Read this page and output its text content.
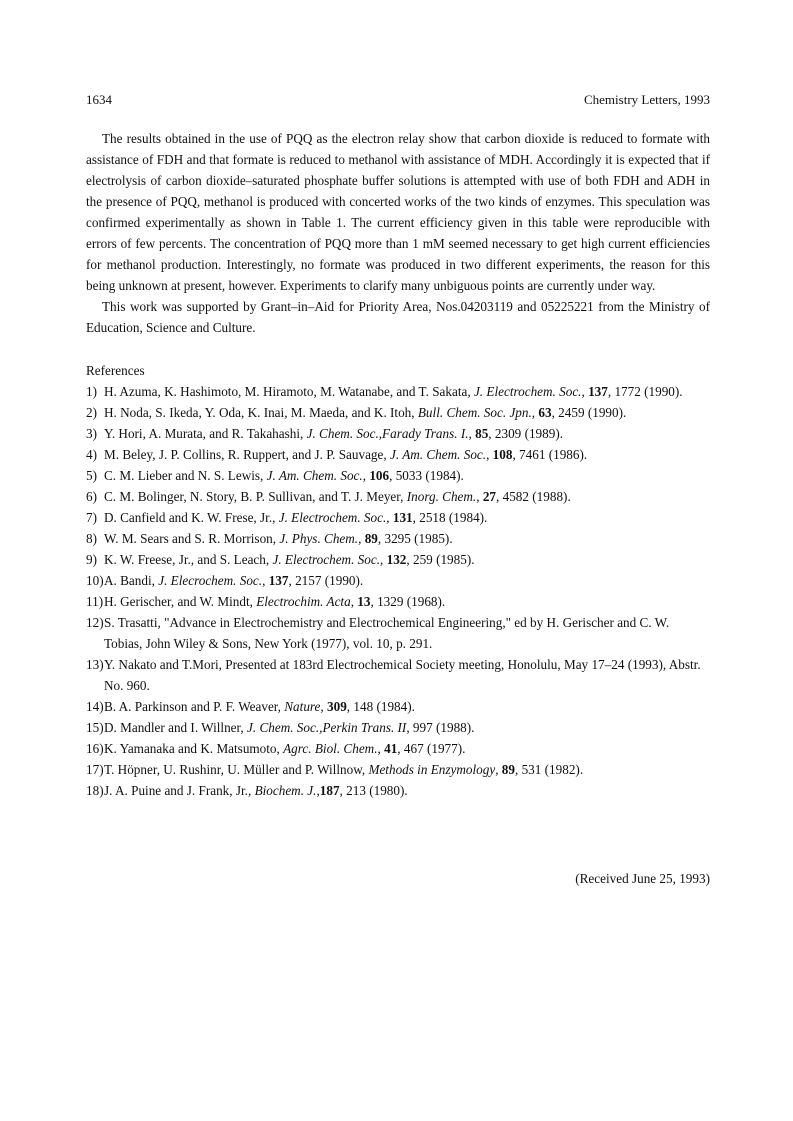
1634	Chemistry Letters, 1993

The results obtained in the use of PQQ as the electron relay show that carbon dioxide is reduced to formate with assistance of FDH and that formate is reduced to methanol with assistance of MDH. Accordingly it is expected that if electrolysis of carbon dioxide–saturated phosphate buffer solutions is attempted with use of both FDH and ADH in the presence of PQQ, methanol is produced with concerted works of the two kinds of enzymes. This speculation was confirmed experimentally as shown in Table 1. The current efficiency given in this table were reproducible with errors of few percents. The concentration of PQQ more than 1 mM seemed necessary to get high current efficiencies for methanol production. Interestingly, no formate was produced in two different experiments, the reason for this being unknown at present, however. Experiments to clarify many unbiguous points are currently under way.

This work was supported by Grant–in–Aid for Priority Area, Nos.04203119 and 05225221 from the Ministry of Education, Science and Culture.

References

1) H. Azuma, K. Hashimoto, M. Hiramoto, M. Watanabe, and T. Sakata, J. Electrochem. Soc., 137, 1772 (1990).
2) H. Noda, S. Ikeda, Y. Oda, K. Inai, M. Maeda, and K. Itoh, Bull. Chem. Soc. Jpn., 63, 2459 (1990).
3) Y. Hori, A. Murata, and R. Takahashi, J. Chem. Soc.,Farady Trans. I., 85, 2309 (1989).
4) M. Beley, J. P. Collins, R. Ruppert, and J. P. Sauvage, J. Am. Chem. Soc., 108, 7461 (1986).
5) C. M. Lieber and N. S. Lewis, J. Am. Chem. Soc., 106, 5033 (1984).
6) C. M. Bolinger, N. Story, B. P. Sullivan, and T. J. Meyer, Inorg. Chem., 27, 4582 (1988).
7) D. Canfield and K. W. Frese, Jr., J. Electrochem. Soc., 131, 2518 (1984).
8) W. M. Sears and S. R. Morrison, J. Phys. Chem., 89, 3295 (1985).
9) K. W. Freese, Jr., and S. Leach, J. Electrochem. Soc., 132, 259 (1985).
10)A. Bandi, J. Elecrochem. Soc., 137, 2157 (1990).
11)H. Gerischer, and W. Mindt, Electrochim. Acta, 13, 1329 (1968).
12)S. Trasatti, "Advance in Electrochemistry and Electrochemical Engineering," ed by H. Gerischer and C. W. Tobias, John Wiley & Sons, New York (1977), vol. 10, p. 291.
13)Y. Nakato and T.Mori, Presented at 183rd Electrochemical Society meeting, Honolulu, May 17–24 (1993), Abstr. No. 960.
14)B. A. Parkinson and P. F. Weaver, Nature, 309, 148 (1984).
15)D. Mandler and I. Willner, J. Chem. Soc.,Perkin Trans. II, 997 (1988).
16)K. Yamanaka and K. Matsumoto, Agrc. Biol. Chem., 41, 467 (1977).
17)T. Höpner, U. Rushinr, U. Müller and P. Willnow, Methods in Enzymology, 89, 531 (1982).
18)J. A. Puine and J. Frank, Jr., Biochem. J.,187, 213 (1980).
(Received June 25, 1993)
